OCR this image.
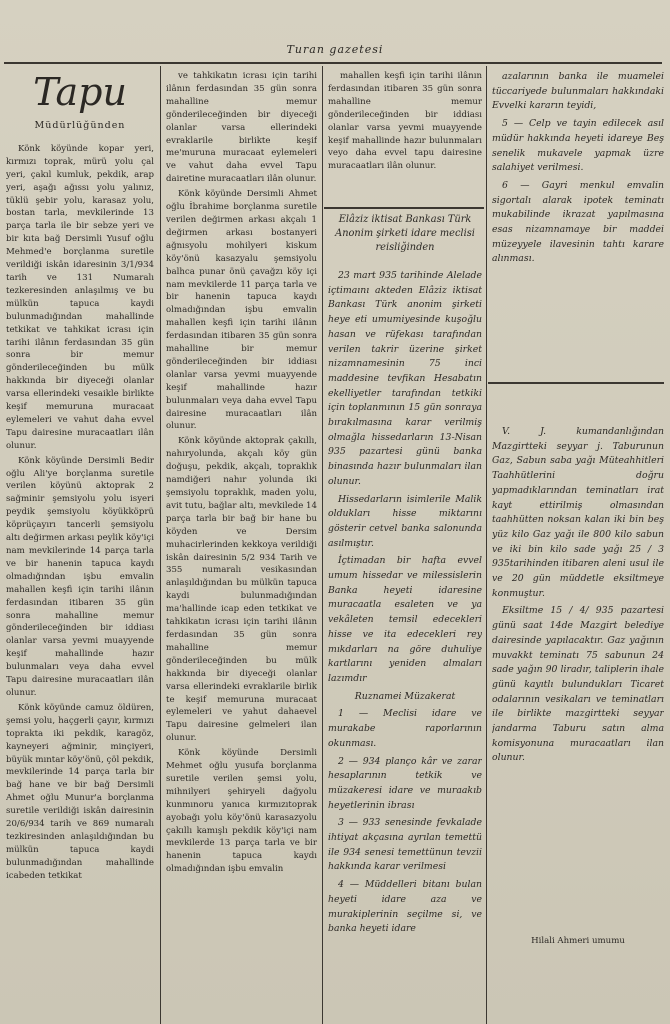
Turan gazetesi
Tapu
Müdürlüğünden

Könk köyünde kopar yeri, kırmızı toprak, mürü yolu çal yeri, çakıl kumluk, pekdik, arap yeri, aşağı ağıssı yolu yalınız, tüklü şebir yolu, karasaz yolu, bostan tarla, mevkilerinde 13 parça tarla ile bir sebze yeri ve bir kıta bağ Dersimli Yusuf oğlu Mehmed'e borçlanma suretile verildiği iskân idaresinin 3/1/934 tarih ve 131 Numaralı tezkeresinden anlaşılmış ve bu mülkün tapuca kaydi bulunmadığından mahallinde tetkikat ve tahkikat icrası için tarihi ilânın ferdasından 35 gün sonra bir memur gönderileceğinden bu mülk hakkında bir diyeceği olanlar varsa ellerindeki vesaikle birlikte keşif memuruna muracaat eylemeleri ve vahut daha evvel Tapu dairesine muracaatları ilân olunur.

Könk köyünde Dersimli Bedir oğlu Ali'ye borçlanma suretile verilen köyünü aktoprak 2 sağminir şemsiyolu yolu isyeri peydik şemsiyolu köyükköprü köprüçayırı tancerli şemsiyolu altı değirmen arkası peylik köy'içi nam mevkilerinde 14 parça tarla ve bir hanenin tapuca kaydı olmadığından işbu emvalin mahallen keşfi için tarihi ilânın ferdasından itibaren 35 gün sonra mahalline memur gönderileceğinden bir iddiası olanlar varsa yevmi muayyende keşif mahallinde hazır bulunmaları veya daha evvel Tapu dairesine muracaatları ilân olunur.

Könk köyünde camuz öldüren, şemsi yolu, haçgerli çayır, kırmızı toprakta iki pekdik, karagöz, kayneyeri ağminir, minçiyeri, büyük mıntar köy'önü, çöl pekdik, mevkilerinde 14 parça tarla bir bağ hane ve bir bağ Dersimli Ahmet oğlu Munur'a borçlanma suretile verildiği iskân dairesinin 20/6/934 tarih ve 869 numaralı tezkiresinden anlaşıldığından bu mülkün tapuca kaydi bulunmadığından mahallinde icabeden tetkikat

ve tahkikatın icrası için tarihi ilânın ferdasından 35 gün sonra mahalline memur gönderileceğinden bir diyeceği olanlar varsa ellerindeki evraklarile birlikte keşif me'muruna muracaat eylemeleri ve vahut daha evvel Tapu dairetine muracaatları ilân olunur.

Könk köyünde Dersimli Ahmet oğlu İbrahime borçlanma suretile verilen değirmen arkası akçalı 1 değirmen arkası bostanyeri ağnısyolu mohilyeri kiskum köy'önü kasazyalu şemsiyolu balhca punar önü çavağzı köy içi nam mevkilerde 11 parça tarla ve bir hanenin tapuca kaydı olmadığından işbu emvalin mahallen keşfi için tarihi ilânın ferdasından itibaren 35 gün sonra mahalline bir memur gönderileceğinden bir iddiası olanlar varsa yevmi muayyende keşif mahallinde hazır bulunmaları veya daha evvel Tapu dairesine muracaatları ilân olunur.

Könk köyünde aktoprak çakıllı, nahıryolunda, akçalı köy gün doğuşu, pekdik, akçalı, topraklık namdiğeri nahır yolunda iki şemsiyolu topraklık, maden yolu, avit tutu, bağlar altı, mevkilede 14 parça tarla bir bağ bir hane bu köyden ve Dersim muhacirlerinden kekkoya verildiği iskân dairesinin 5/2 934 Tarih ve 355 numaralı vesikasından anlaşıldığından bu mülkün tapuca kaydi bulunmadığından ma'hallinde icap eden tetkikat ve tahkikatın icrası için tarihi ilânın ferdasından 35 gün sonra mahalline memur gönderileceğinden bu mülk hakkında bir diyeceği olanlar varsa ellerindeki evraklarile birlik te keşif memuruna muracaat eylemeleri ve yahut dahaevel Tapu dairesine gelmeleri ilan olunur.

Könk köyünde Dersimli Mehmet oğlu yusufa borçlanma suretile verilen şemsi yolu, mihnilyeri şehiryeli dağyolu kunmınoru yanıca kırmızıtoprak ayobağı yolu köy'önü karasazyolu çakıllı kamışlı pekdik köy'içi nam mevkilerde 13 parça tarla ve bir hanenin tapuca kaydı olmadığından işbu emvalin

mahallen keşfi için tarihi ilânın ferdasından itibaren 35 gün sonra mahalline memur gönderileceğinden bir iddiası olanlar varsa yevmi muayyende keşif mahallinde hazır bulunmaları veyo daha evvel tapu dairesine muracaatları ilân olunur.

Elâziz iktisat Bankası Türk Anonim şirketi idare meclisi reisliğinden

23 mart 935 tarihinde Alelade içtimaını akteden Elâziz iktisat Bankası Türk anonim şirketi heye eti umumiyesinde kuşoğlu hasan ve rüfekası tarafından verilen takrir üzerine şirket nizamnamesinin 75 inci maddesine tevfikan Hesabatın ekelliyetler tarafından tetkiki için toplanmının 15 gün sonraya bırakılmasına karar verilmiş olmağla hissedarların 13-Nisan 935 pazartesi günü banka binasında hazır bulunmaları ilan olunur.

Hissedarların isimlerile Malik oldukları hisse miktarını gösterir cetvel banka salonunda asılmıştır.

İçtimadan bir hafta evvel umum hissedar ve milessislerin Banka heyeti idaresine muracaatla esaleten ve ya vekâleten temsil edecekleri hisse ve ita edecekleri rey mıkdarları na göre duhuliye kartlarını yeniden almaları lazımdır

Ruznamei Müzakerat

1 — Meclisi idare ve murakabe raporlarının okunması.

2 — 934 planço kâr ve zarar hesaplarının tetkik ve müzakeresi idare ve muraakıb heyetlerinin ibrası

3 — 933 senesinde fevkalade ihtiyat akçasına ayrılan temettü ile 934 senesi temettünun tevzii hakkında karar verilmesi

4 — Müddelleri bitanı bulan heyeti idare aza ve murakiplerinin seçilme si, ve banka heyeti idare

azalarının banka ile muamelei tüccariyede bulunmaları hakkındaki Evvelki kararın teyidi,

5 — Celp ve tayin edilecek asıl müdür hakkında heyeti idareye Beş senelik mukavele yapmak üzre salahiyet verilmesi.

6 — Gayri menkul emvalin sigortalı alarak ipotek teminatı mukabilinde ikrazat yapılmasına esas nizamnamaye bir maddei müzeyyele ilavesinin tahtı karare alınması.

V. J. kumandanlığından Mazgirtteki seyyar j. Taburunun Gaz, Sabun saba yağı Müteahhitleri Taahhütlerini doğru yapmadıklarından teminatları irat kayt ettirilmiş olmasından taahhütten noksan kalan iki bin beş yüz kilo Gaz yağı ile 800 kilo sabun ve iki bin kilo sade yağı 25 / 3 935tarihinden itibaren aleni usul ile ve 20 gün müddetle eksiltmeye konmuştur.

Eksiltme 15 / 4/ 935 pazartesi günü saat 14de Mazgirt belediye dairesinde yapılacaktır. Gaz yağının muvakkt teminatı 75 sabunun 24 sade yağın 90 liradır, taliplerin ihale günü kayıtlı bulundukları Ticaret odalarının vesikaları ve teminatları ile birlikte mazgirtteki seyyar jandarma Taburu satın alma komisyonuna muracaatları ilan olunur.

Hilali Ahmeri umumu
